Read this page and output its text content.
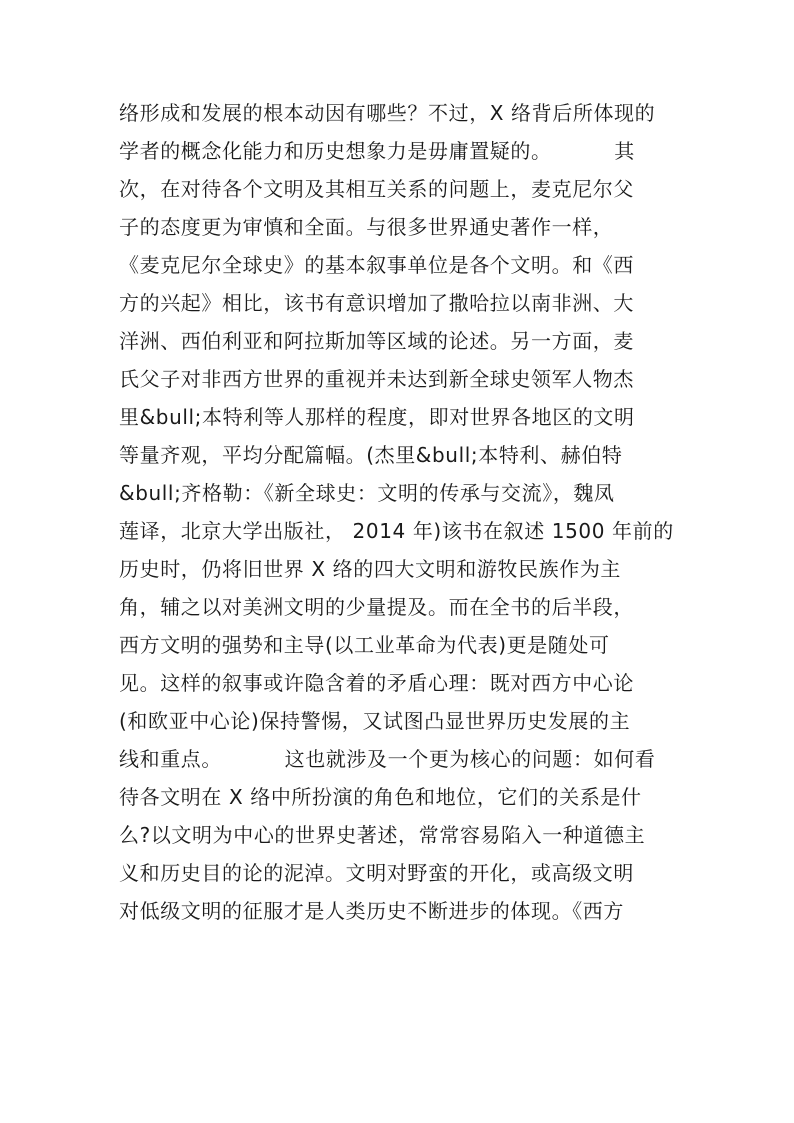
络形成和发展的根本动因有哪些？不过，X 络背后所体现的
学者的概念化能力和历史想象力是毋庸置疑的。         其
次，在对待各个文明及其相互关系的问题上，麦克尼尔父
子的态度更为审慎和全面。与很多世界通史著作一样，
《麦克尼尔全球史》的基本叙事单位是各个文明。和《西
方的兴起》相比，该书有意识增加了撒哈拉以南非洲、大
洋洲、西伯利亚和阿拉斯加等区域的论述。另一方面，麦
氏父子对非西方世界的重视并未达到新全球史领军人物杰
里&bull;本特利等人那样的程度，即对世界各地区的文明
等量齐观，平均分配篇幅。(杰里&bull;本特利、赫伯特
&bull;齐格勒：《新全球史：文明的传承与交流》，魏凤
莲译，北京大学出版社， 2014 年)该书在叙述 1500 年前的
历史时，仍将旧世界 X 络的四大文明和游牧民族作为主
角，辅之以对美洲文明的少量提及。而在全书的后半段，
西方文明的强势和主导(以工业革命为代表)更是随处可
见。这样的叙事或许隐含着的矛盾心理：既对西方中心论
(和欧亚中心论)保持警惕，又试图凸显世界历史发展的主
线和重点。         这也就涉及一个更为核心的问题：如何看
待各文明在 X 络中所扮演的角色和地位，它们的关系是什
么?以文明为中心的世界史著述，常常容易陷入一种道德主
义和历史目的论的泥淖。文明对野蛮的开化，或高级文明
对低级文明的征服才是人类历史不断进步的体现。《西方
